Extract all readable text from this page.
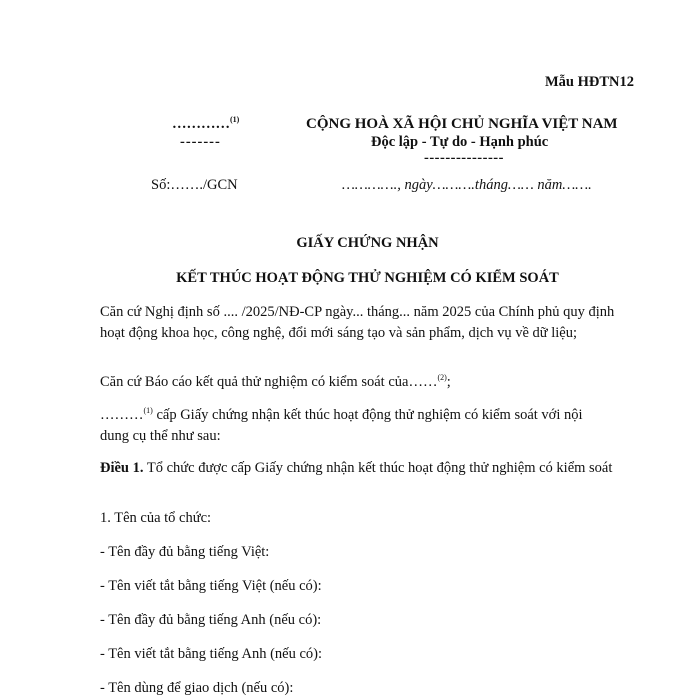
Mẫu HĐTN12
…………$^{(1)}$
-------
CỘNG HOÀ XÃ HỘI CHỦ NGHĨA VIỆT NAM
Độc lập - Tự do - Hạnh phúc
---------------
Số:……./GCN	…………., ngày……….tháng…… năm…….
GIẤY CHỨNG NHẬN
KẾT THÚC HOẠT ĐỘNG THỬ NGHIỆM CÓ KIỂM SOÁT
Căn cứ Nghị định số .... /2025/NĐ-CP ngày... tháng... năm 2025 của Chính phủ quy định hoạt động khoa học, công nghệ, đổi mới sáng tạo và sản phẩm, dịch vụ về dữ liệu;
Căn cứ Báo cáo kết quả thử nghiệm có kiểm soát của……$^{(2)}$;
………$^{(1)}$ cấp Giấy chứng nhận kết thúc hoạt động thử nghiệm có kiểm soát với nội dung cụ thể như sau:
Điều 1. Tổ chức được cấp Giấy chứng nhận kết thúc hoạt động thử nghiệm có kiểm soát
1. Tên của tổ chức:
- Tên đầy đủ bằng tiếng Việt:
- Tên viết tắt bằng tiếng Việt (nếu có):
- Tên đầy đủ bằng tiếng Anh (nếu có):
- Tên viết tắt bằng tiếng Anh (nếu có):
- Tên dùng để giao dịch (nếu có):
